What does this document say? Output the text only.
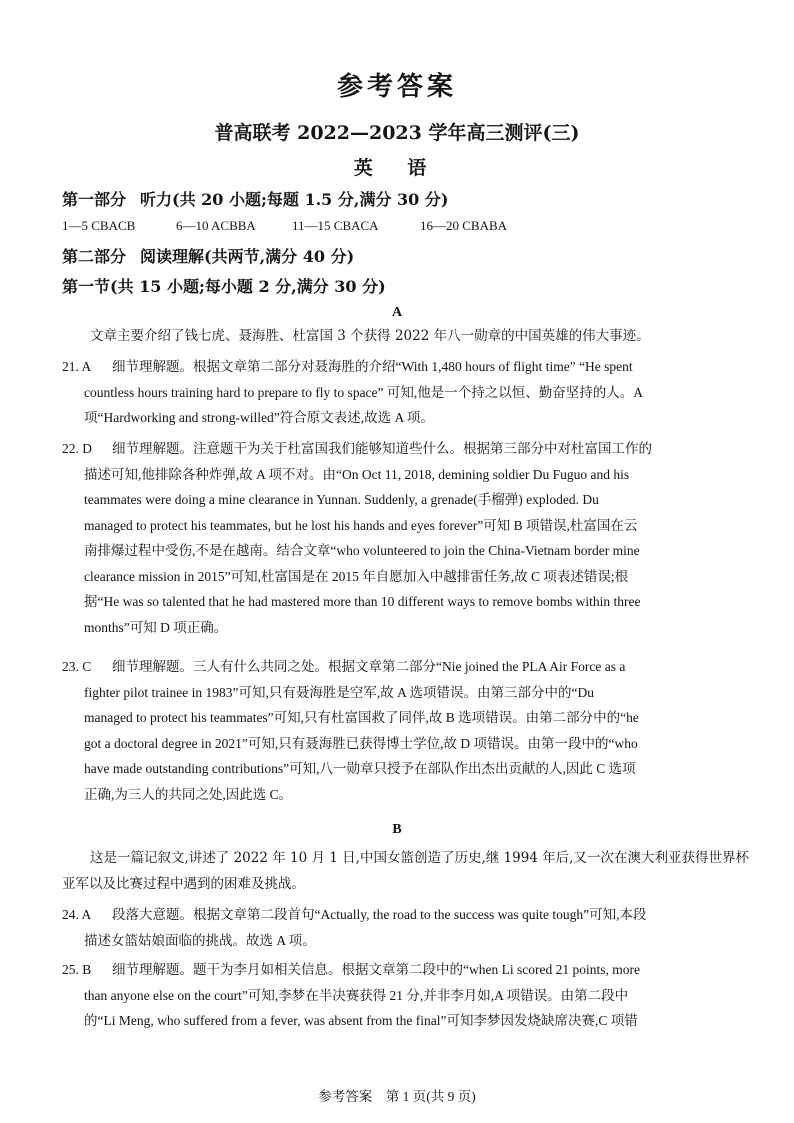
参考答案
普高联考 2022—2023 学年高三测评(三)
英 语
第一部分 听力(共 20 小题;每题 1.5 分,满分 30 分)
1—5 CBACB	6—10 ACBBA	11—15 CBACA	16—20 CBABA
第二部分 阅读理解(共两节,满分 40 分)
第一节(共 15 小题;每小题 2 分,满分 30 分)
A
文章主要介绍了钱七虎、聂海胜、杜富国 3 个获得 2022 年八一勋章的中国英雄的伟大事迹。
21. A 细节理解题。根据文章第二部分对聂海胜的介绍“With 1,480 hours of flight time” “He spent
countless hours training hard to prepare to fly to space” 可知,他是一个持之以恒、勤奋坚持的人。A
项“Hardworking and strong-willed”符合原文表述,故选 A 项。
22. D 细节理解题。注意题干为关于杜富国我们能够知道些什么。根据第三部分中对杜富国工作的
描述可知,他排除各种炸弹,故 A 项不对。由“On Oct 11, 2018, demining soldier Du Fuguo and his
teammates were doing a mine clearance in Yunnan. Suddenly, a grenade(手榴弹) exploded. Du
managed to protect his teammates, but he lost his hands and eyes forever”可知 B 项错误,杜富国在云
南排爆过程中受伤,不是在越南。结合文章“who volunteered to join the China-Vietnam border mine
clearance mission in 2015”可知,杜富国是在 2015 年自愿加入中越排雷任务,故 C 项表述错误;根
据“He was so talented that he had mastered more than 10 different ways to remove bombs within three
months”可知 D 项正确。
23. C 细节理解题。三人有什么共同之处。根据文章第二部分“Nie joined the PLA Air Force as a
fighter pilot trainee in 1983”可知,只有聂海胜是空军,故 A 选项错误。由第三部分中的“Du
managed to protect his teammates”可知,只有杜富国救了同伴,故 B 选项错误。由第二部分中的“he
got a doctoral degree in 2021”可知,只有聂海胜已获得博士学位,故 D 项错误。由第一段中的“who
have made outstanding contributions”可知,八一勋章只授予在部队作出杰出贡献的人,因此 C 选项
正确,为三人的共同之处,因此选 C。
B
这是一篇记叙文,讲述了 2022 年 10 月 1 日,中国女篮创造了历史,继 1994 年后,又一次在澳大利亚获得世界杯亚军以及比赛过程中遇到的困难及挑战。
24. A 段落大意题。根据文章第二段首句“Actually, the road to the success was quite tough”可知,本段
描述女篮姑娘面临的挑战。故选 A 项。
25. B 细节理解题。题干为李月如相关信息。根据文章第二段中的“when Li scored 21 points, more
than anyone else on the court”可知,李梦在半决赛获得 21 分,并非李月如,A 项错误。由第二段中
的“Li Meng, who suffered from a fever, was absent from the final”可知李梦因发烧缺席决赛,C 项错
参考答案　第 1 页(共 9 页)
